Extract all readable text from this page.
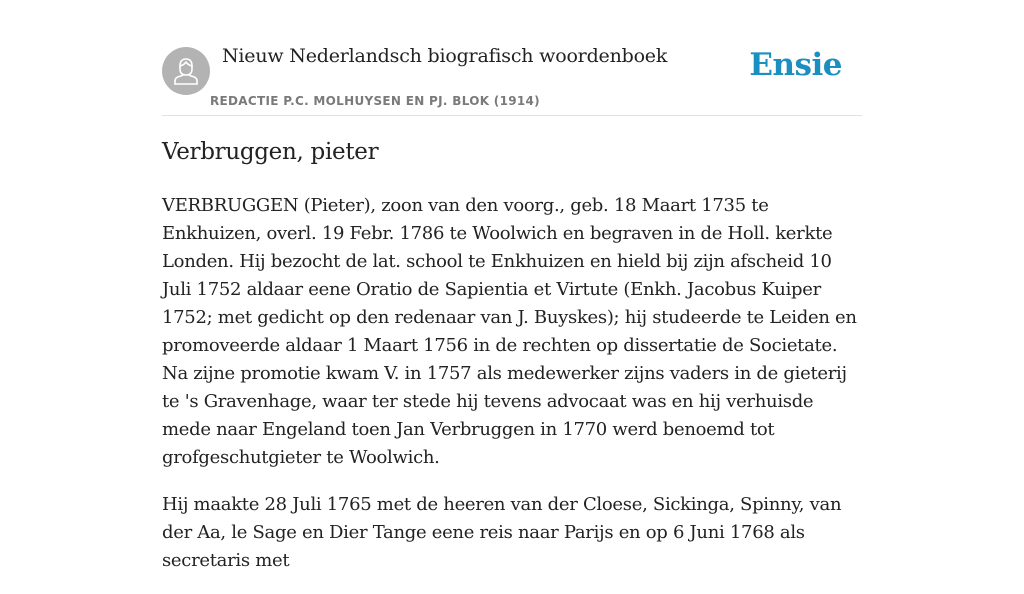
Nieuw Nederlandsch biografisch woordenboek
REDACTIE P.C. MOLHUYSEN EN PJ. BLOK (1914)
Ensie
Verbruggen, pieter

VERBRUGGEN (Pieter), zoon van den voorg., geb. 18 Maart 1735 te Enkhuizen, overl. 19 Febr. 1786 te Woolwich en begraven in de Holl. kerkte Londen. Hij bezocht de lat. school te Enkhuizen en hield bij zijn afscheid 10 Juli 1752 aldaar eene Oratio de Sapientia et Virtute (Enkh. Jacobus Kuiper 1752; met gedicht op den redenaar van J. Buyskes); hij studeerde te Leiden en promoveerde aldaar 1 Maart 1756 in de rechten op dissertatie de Societate. Na zijne promotie kwam V. in 1757 als medewerker zijns vaders in de gieterij te 's Gravenhage, waar ter stede hij tevens advocaat was en hij verhuisde mede naar Engeland toen Jan Verbruggen in 1770 werd benoemd tot grofgeschutgieter te Woolwich.

Hij maakte 28 Juli 1765 met de heeren van der Cloese, Sickinga, Spinny, van der Aa, le Sage en Dier Tange eene reis naar Parijs en op 6 Juni 1768 als secretaris met
